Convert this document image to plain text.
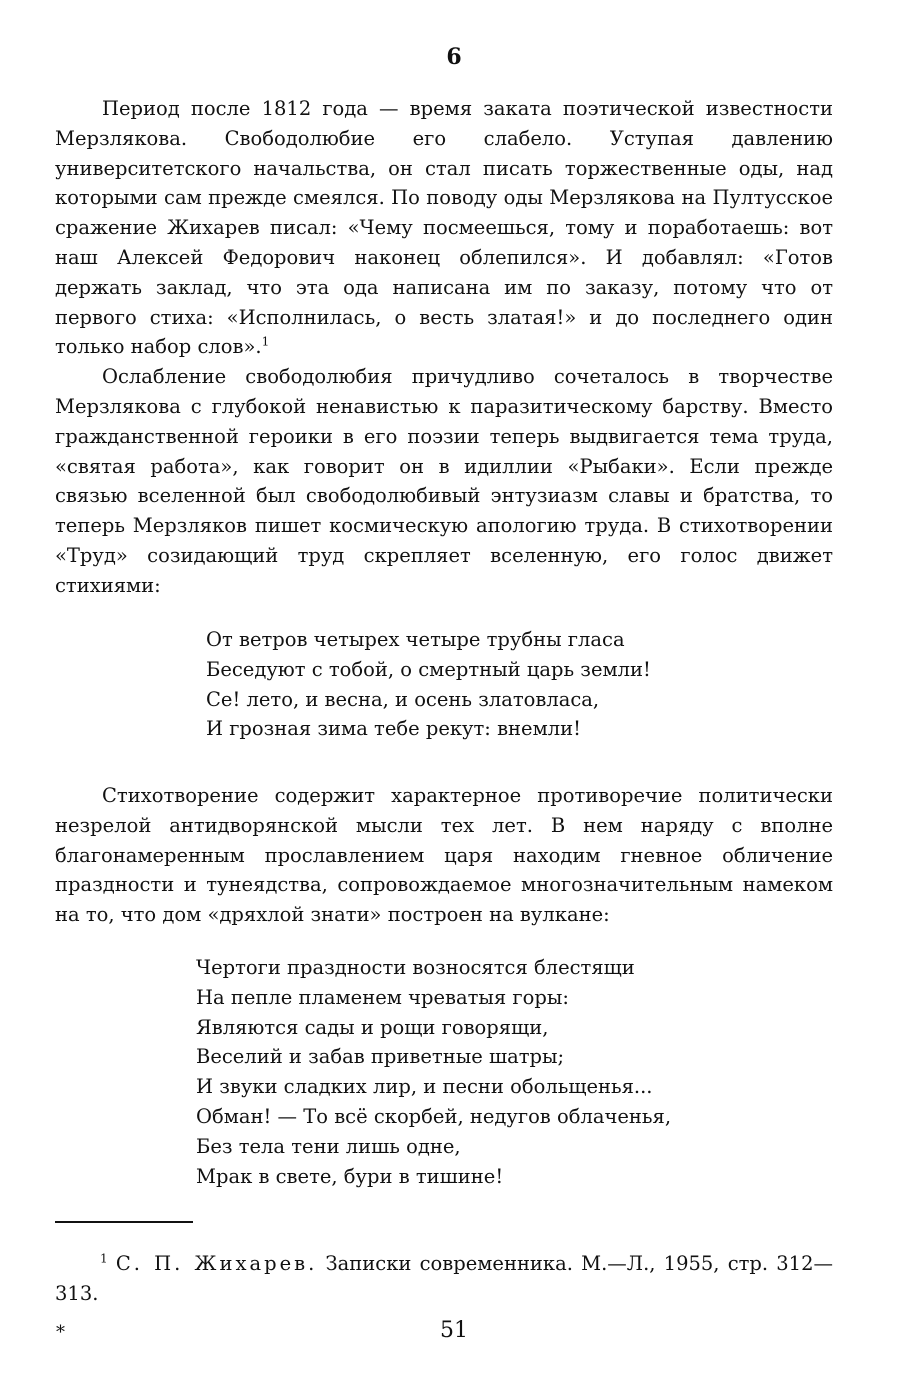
6

Период после 1812 года — время заката поэтической известности Мерзлякова. Свободолюбие его слабело. Уступая давлению университетского начальства, он стал писать торжественные оды, над которыми сам прежде смеялся. По поводу оды Мерзлякова на Пултусское сражение Жихарев писал: «Чему посмеешься, тому и поработаешь: вот наш Алексей Федорович наконец облепился». И добавлял: «Готов держать заклад, что эта ода написана им по заказу, потому что от первого стиха: «Исполнилась, о весть златая!» и до последнего один только набор слов».$^1$

Ослабление свободолюбия причудливо сочеталось в творчестве Мерзлякова с глубокой ненавистью к паразитическому барству. Вместо гражданственной героики в его поэзии теперь выдвигается тема труда, «святая работа», как говорит он в идиллии «Рыбаки». Если прежде связью вселенной был свободолюбивый энтузиазм славы и братства, то теперь Мерзляков пишет космическую апологию труда. В стихотворении «Труд» созидающий труд скрепляет вселенную, его голос движет стихиями:

От ветров четырех четыре трубны гласа
Беседуют с тобой, о смертный царь земли!
Се! лето, и весна, и осень златовласа,
И грозная зима тебе рекут: внемли!

Стихотворение содержит характерное противоречие политически незрелой антидворянской мысли тех лет. В нем наряду с вполне благонамеренным прославлением царя находим гневное обличение праздности и тунеядства, сопровождаемое многозначительным намеком на то, что дом «дряхлой знати» построен на вулкане:

Чертоги праздности возносятся блестящи
На пепле пламенем чреватыя горы:
Являются сады и рощи говорящи,
Веселий и забав приветные шатры;
И звуки сладких лир, и песни обольщенья...
Обман! — То всё скорбей, недугов облаченья,
Без тела тени лишь одне,
Мрак в свете, бури в тишине!

$^1$ С. П. Жихарев. Записки современника. М.—Л., 1955, стр. 312—313.

*	51
